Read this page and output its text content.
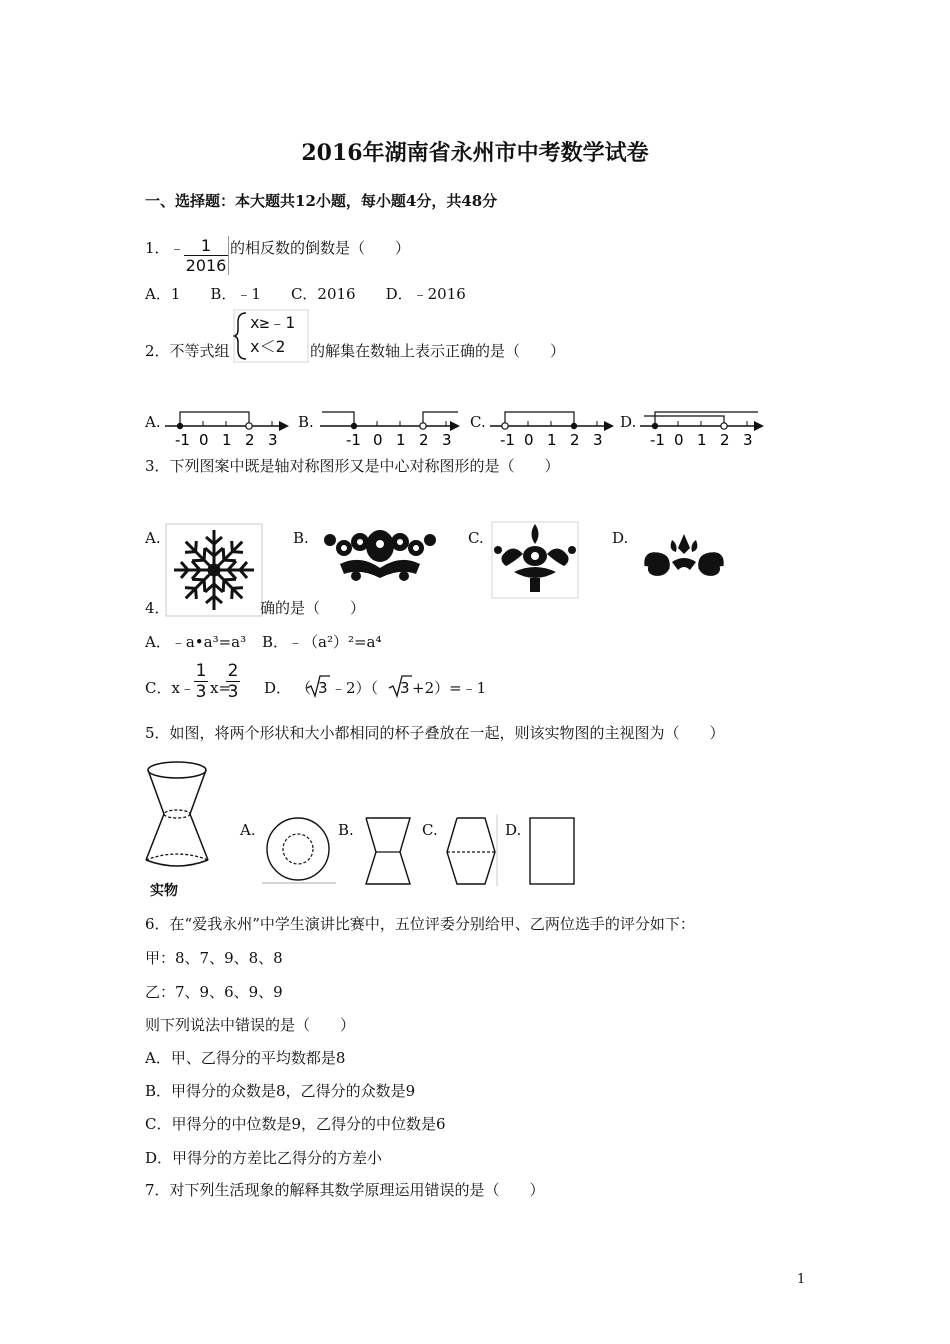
2016年湖南省永州市中考数学试卷
一、选择题：本大题共12小题，每小题4分，共48分
1．﹣ $\frac{1}{2016}$ 的相反数的倒数是（　　）
A．1　　B．﹣1　　C．2016　　D．﹣2016
2．不等式组
x≥﹣1
x＜2	的解集在数轴上表示正确的是（　　）
A.	B.	C.	D.
-1 0 1 2 3	-1 0 1 2 3	-1 0 1 2 3	-1 0 1 2 3
3．下列图案中既是轴对称图形又是中心对称图形的是（　　）
A.	B.	C.	D.
4．	确的是（　　）
A．﹣a•a³=a³ B．﹣（a²）²=a⁴
C．x﹣ $\frac{1}{3} x=$
$\frac{2}{3}$ D． （ 3 ﹣2）（ 3 +2）=﹣1
5．如图，将两个形状和大小都相同的杯子叠放在一起，则该实物图的主视图为（　　）
实物
A.	B.	C.	D.
6．在“爱我永州”中学生演讲比赛中，五位评委分别给甲、乙两位选手的评分如下：
甲：8、7、9、8、8
乙：7、9、6、9、9
则下列说法中错误的是（　　）
A．甲、乙得分的平均数都是8
B．甲得分的众数是8，乙得分的众数是9
C．甲得分的中位数是9，乙得分的中位数是6
D．甲得分的方差比乙得分的方差小
7．对下列生活现象的解释其数学原理运用错误的是（　　）
1
